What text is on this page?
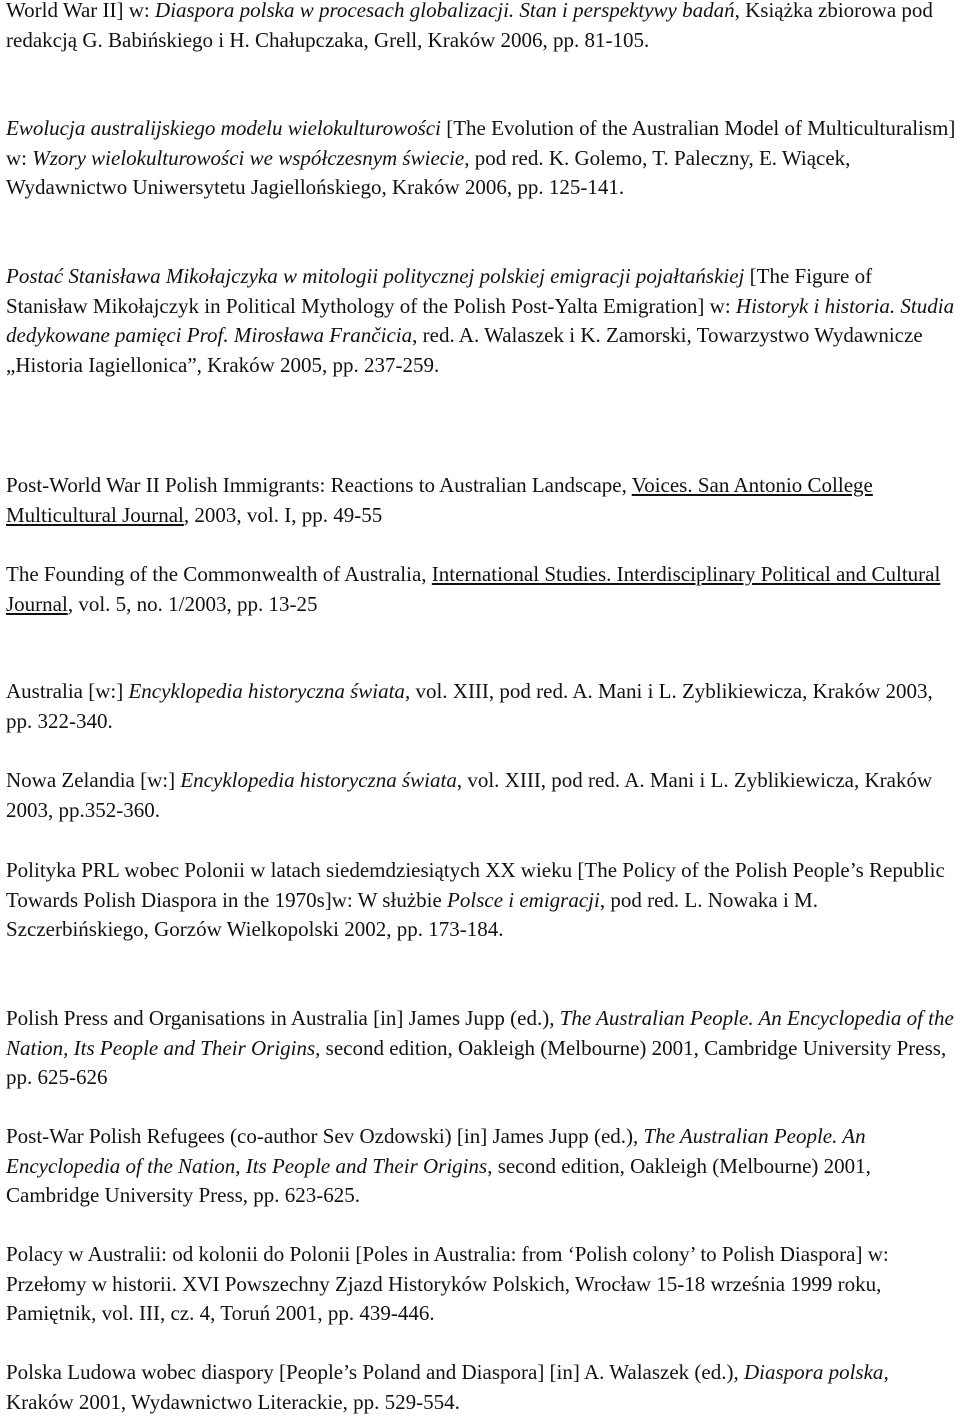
World War II] w: Diaspora polska w procesach globalizacji. Stan i perspektywy badań, Książka zbiorowa pod redakcją G. Babińskiego i H. Chałupczaka, Grell, Kraków 2006, pp. 81-105.

Ewolucja australijskiego modelu wielokulturowości [The Evolution of the Australian Model of Multiculturalism] w: Wzory wielokulturowości we współczesnym świecie, pod red. K. Golemo, T. Paleczny, E. Wiącek, Wydawnictwo Uniwersytetu Jagiellońskiego, Kraków 2006, pp. 125-141.

Postać Stanisława Mikołajczyka w mitologii politycznej polskiej emigracji pojałtańskiej [The Figure of Stanisław Mikołajczyk in Political Mythology of the Polish Post-Yalta Emigration] w: Historyk i historia. Studia dedykowane pamięci Prof. Mirosława Frančicia, red. A. Walaszek i K. Zamorski, Towarzystwo Wydawnicze „Historia Iagiellonica”, Kraków 2005, pp. 237-259.

Post-World War II Polish Immigrants: Reactions to Australian Landscape, Voices. San Antonio College Multicultural Journal, 2003, vol. I, pp. 49-55

The Founding of the Commonwealth of Australia, International Studies. Interdisciplinary Political and Cultural Journal, vol. 5, no. 1/2003, pp. 13-25

Australia [w:] Encyklopedia historyczna świata, vol. XIII, pod red. A. Mani i L. Zyblikiewicza, Kraków 2003, pp. 322-340.

Nowa Zelandia [w:] Encyklopedia historyczna świata, vol. XIII, pod red. A. Mani i L. Zyblikiewicza, Kraków 2003, pp.352-360.

Polityka PRL wobec Polonii w latach siedemdziesiątych XX wieku [The Policy of the Polish People’s Republic Towards Polish Diaspora in the 1970s]w: W służbie Polsce i emigracji, pod red. L. Nowaka i M. Szczerbińskiego, Gorzów Wielkopolski 2002, pp. 173-184.

Polish Press and Organisations in Australia [in] James Jupp (ed.), The Australian People. An Encyclopedia of the Nation, Its People and Their Origins, second edition, Oakleigh (Melbourne) 2001, Cambridge University Press, pp. 625-626

Post-War Polish Refugees (co-author Sev Ozdowski) [in] James Jupp (ed.), The Australian People. An Encyclopedia of the Nation, Its People and Their Origins, second edition, Oakleigh (Melbourne) 2001, Cambridge University Press, pp. 623-625.

Polacy w Australii: od kolonii do Polonii [Poles in Australia: from ‘Polish colony’ to Polish Diaspora] w: Przełomy w historii. XVI Powszechny Zjazd Historyków Polskich, Wrocław 15-18 września 1999 roku, Pamiętnik, vol. III, cz. 4, Toruń 2001, pp. 439-446.

Polska Ludowa wobec diaspory [People’s Poland and Diaspora] [in] A. Walaszek (ed.), Diaspora polska, Kraków 2001, Wydawnictwo Literackie, pp. 529-554.
